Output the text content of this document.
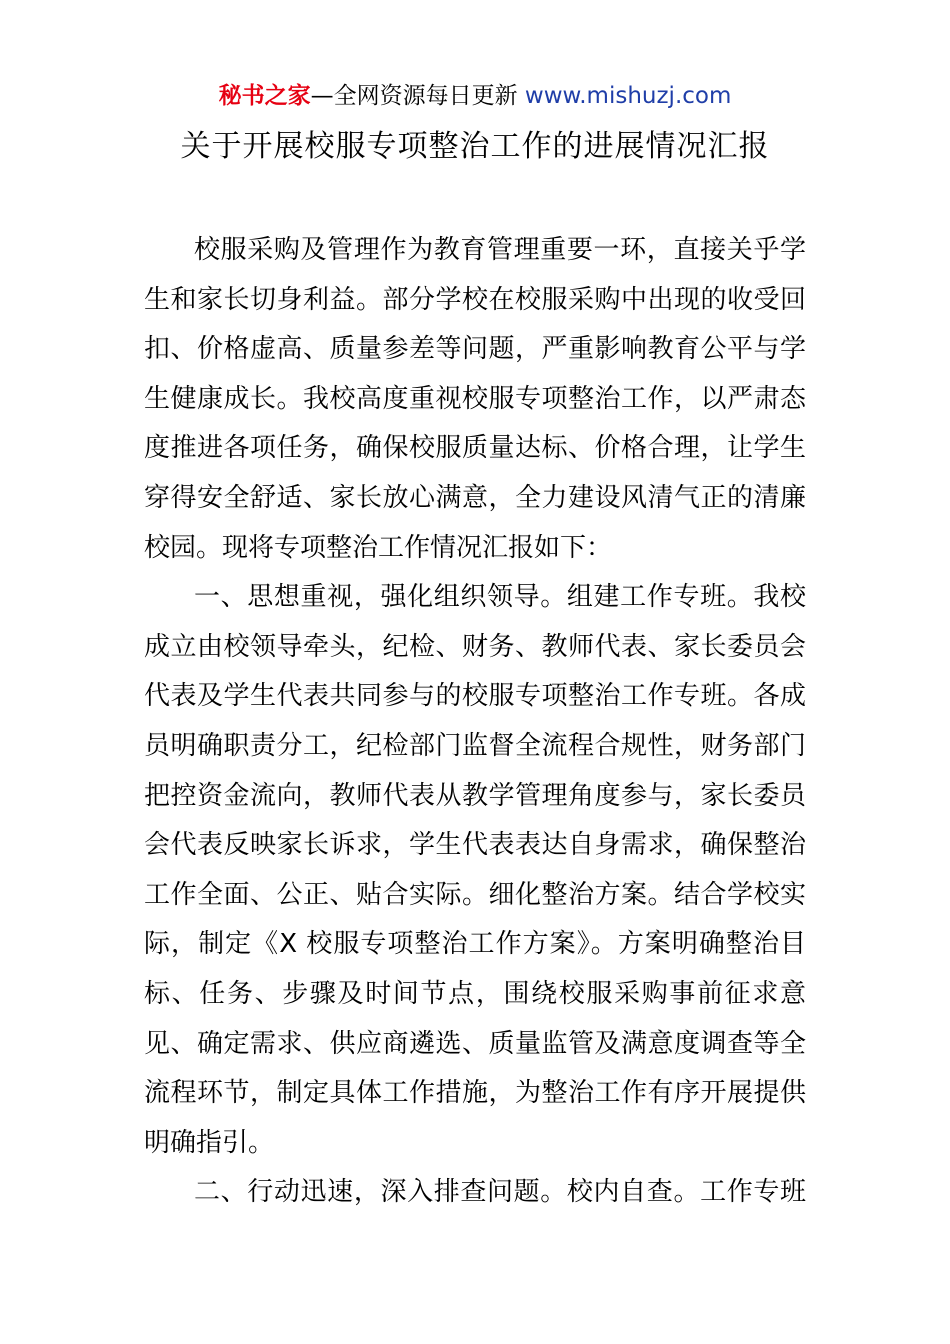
秘书之家—全网资源每日更新 www.mishuzj.com
关于开展校服专项整治工作的进展情况汇报
校服采购及管理作为教育管理重要一环，直接关乎学
生和家长切身利益。部分学校在校服采购中出现的收受回
扣、价格虚高、质量参差等问题，严重影响教育公平与学
生健康成长。我校高度重视校服专项整治工作，以严肃态
度推进各项任务，确保校服质量达标、价格合理，让学生
穿得安全舒适、家长放心满意，全力建设风清气正的清廉
校园。现将专项整治工作情况汇报如下：
一、思想重视，强化组织领导。组建工作专班。我校
成立由校领导牵头，纪检、财务、教师代表、家长委员会
代表及学生代表共同参与的校服专项整治工作专班。各成
员明确职责分工，纪检部门监督全流程合规性，财务部门
把控资金流向，教师代表从教学管理角度参与，家长委员
会代表反映家长诉求，学生代表表达自身需求，确保整治
工作全面、公正、贴合实际。细化整治方案。结合学校实
际，制定《X 校服专项整治工作方案》。方案明确整治目
标、任务、步骤及时间节点，围绕校服采购事前征求意
见、确定需求、供应商遴选、质量监管及满意度调查等全
流程环节，制定具体工作措施，为整治工作有序开展提供
明确指引。
二、行动迅速，深入排查问题。校内自查。工作专班
